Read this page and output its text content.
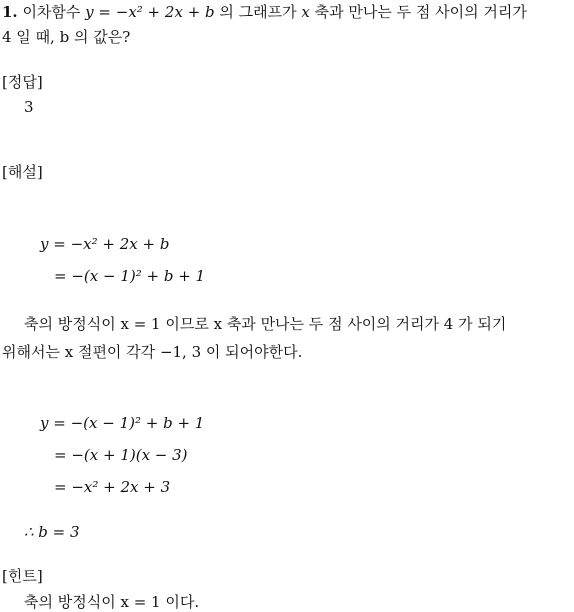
1. 이차함수 y = −x² + 2x + b 의 그래프가 x 축과 만나는 두 점 사이의 거리가
4 일 때, b 의 값은?
[정답]
3
[해설]
y = −x² + 2x + b
= −(x − 1)² + b + 1
축의 방정식이 x = 1 이므로 x 축과 만나는 두 점 사이의 거리가 4 가 되기
위해서는 x 절편이 각각 −1, 3 이 되어야한다.
y = −(x − 1)² + b + 1
= −(x + 1)(x − 3)
= −x² + 2x + 3
∴ b = 3
[힌트]
축의 방정식이 x = 1 이다.
